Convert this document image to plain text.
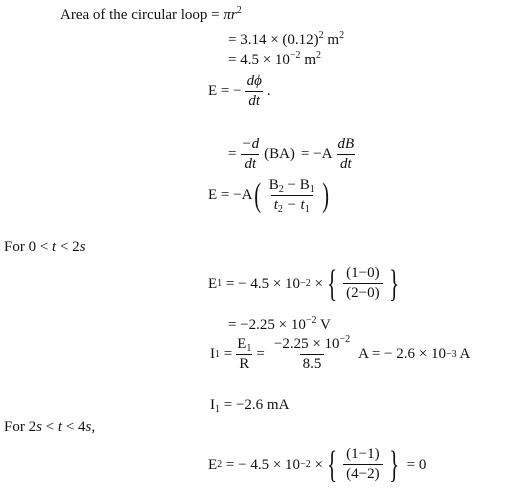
Area of the circular loop = $\pi r^2$
= $3.14 \times (0.12)^2$ $m^2$
= $4.5 \times 10^{-2}$ $m^2$
E = − $\frac{d\phi}{dt}$ .
= $\frac{-d}{dt} (BA) = -A \frac{dB}{dt}$
E = −A ( $\frac{B_2 - B_1}{t_2 - t_1}$ )
For 0 < t < 2s
E 1 = − 4.5 × 10 −2 × { $\frac{(1-0)}{(2-0)}$ }
= $-2.25 \times 10^{-2}$ V
I $1 = \frac{E_1}{R} = \frac{-2.25 \times 10^{-2}}{8.5}$ A = − 2.6 × 10 −3 A
$I_1 = -2.6$ mA
For 2s < t < 4s,
E 2 = − 4.5 × 10 −2 × { $\frac{(1-1)}{(4-2)}$ } = 0
